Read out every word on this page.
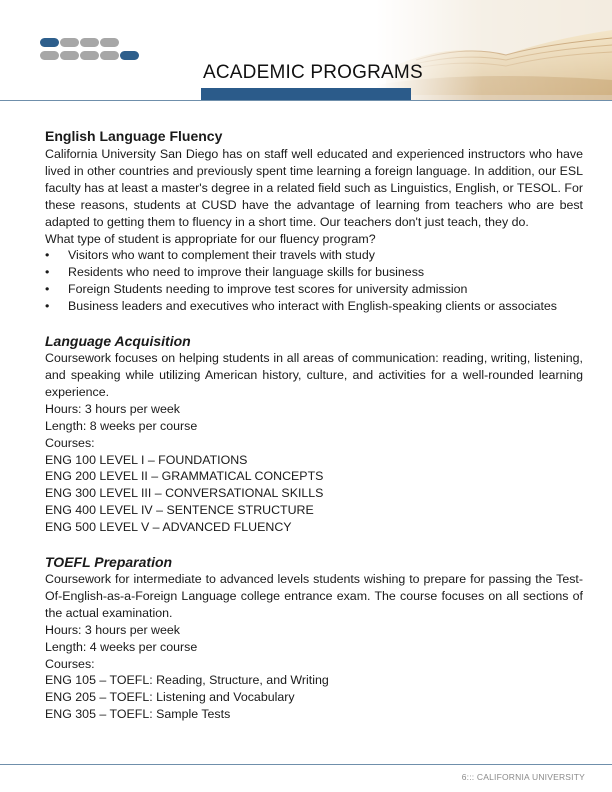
ACADEMIC PROGRAMS

English Language Fluency

California University San Diego has on staff well educated and experienced instructors who have lived in other countries and previously spent time learning a foreign language. In addition, our ESL faculty has at least a master's degree in a related field such as Linguistics, English, or TESOL. For these reasons, students at CUSD have the advantage of learning from teachers who are best adapted to getting them to fluency in a short time. Our teachers don't just teach, they do.

What type of student is appropriate for our fluency program?

• Visitors who want to complement their travels with study
• Residents who need to improve their language skills for business
• Foreign Students needing to improve test scores for university admission
• Business leaders and executives who interact with English-speaking clients or associates

Language Acquisition

Coursework focuses on helping students in all areas of communication: reading, writing, listening, and speaking while utilizing American history, culture, and activities for a well-rounded learning experience.

Hours: 3 hours per week

Length: 8 weeks per course

Courses:

ENG 100 LEVEL I – FOUNDATIONS

ENG 200 LEVEL II – GRAMMATICAL CONCEPTS

ENG 300 LEVEL III – CONVERSATIONAL SKILLS

ENG 400 LEVEL IV – SENTENCE STRUCTURE

ENG 500 LEVEL V – ADVANCED FLUENCY

TOEFL Preparation

Coursework for intermediate to advanced levels students wishing to prepare for passing the Test-Of-English-as-a-Foreign Language college entrance exam. The course focuses on all sections of the actual examination.

Hours: 3 hours per week

Length: 4 weeks per course

Courses:

ENG 105 – TOEFL: Reading, Structure, and Writing

ENG 205 – TOEFL: Listening and Vocabulary

ENG 305 – TOEFL: Sample Tests

6::: CALIFORNIA UNIVERSITY
